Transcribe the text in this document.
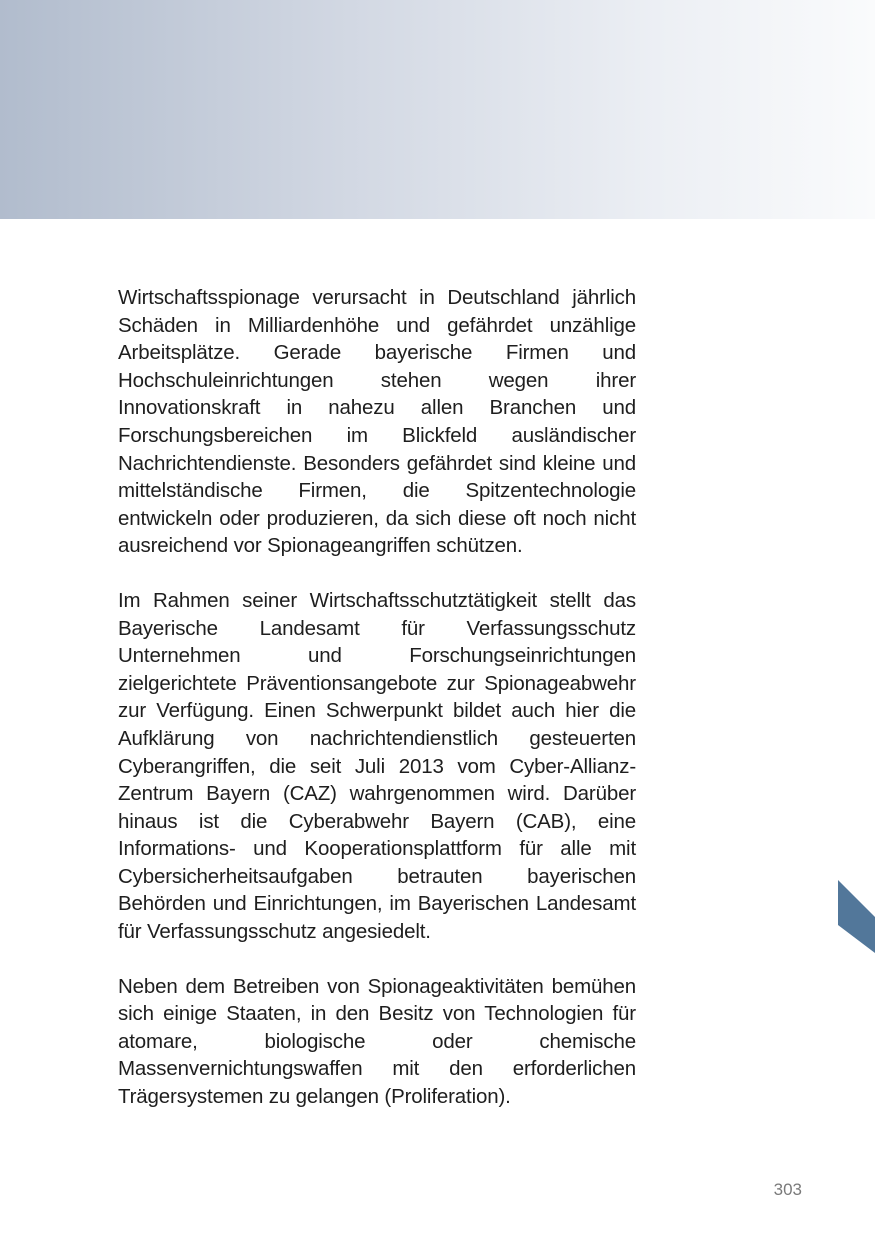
Wirtschaftsspionage verursacht in Deutschland jährlich Schäden in Milliardenhöhe und gefährdet unzählige Arbeitsplätze. Gerade bayerische Firmen und Hochschuleinrichtungen stehen wegen ihrer Innovationskraft in nahezu allen Branchen und Forschungsbereichen im Blickfeld ausländischer Nachrichtendienste. Besonders gefährdet sind kleine und mittelständische Firmen, die Spitzentechnologie entwickeln oder produzieren, da sich diese oft noch nicht ausreichend vor Spionageangriffen schützen.

Im Rahmen seiner Wirtschaftsschutztätigkeit stellt das Bayerische Landesamt für Verfassungsschutz Unternehmen und Forschungseinrichtungen zielgerichtete Präventionsangebote zur Spionageabwehr zur Verfügung. Einen Schwerpunkt bildet auch hier die Aufklärung von nachrichtendienstlich gesteuerten Cyberangriffen, die seit Juli 2013 vom Cyber-Allianz-Zentrum Bayern (CAZ) wahrgenommen wird. Darüber hinaus ist die Cyberabwehr Bayern (CAB), eine Informations- und Kooperationsplattform für alle mit Cybersicherheitsaufgaben betrauten bayerischen Behörden und Einrichtungen, im Bayerischen Landesamt für Verfassungsschutz angesiedelt.

Neben dem Betreiben von Spionageaktivitäten bemühen sich einige Staaten, in den Besitz von Technologien für atomare, biologische oder chemische Massenvernichtungswaffen mit den erforderlichen Trägersystemen zu gelangen (Proliferation).

303
